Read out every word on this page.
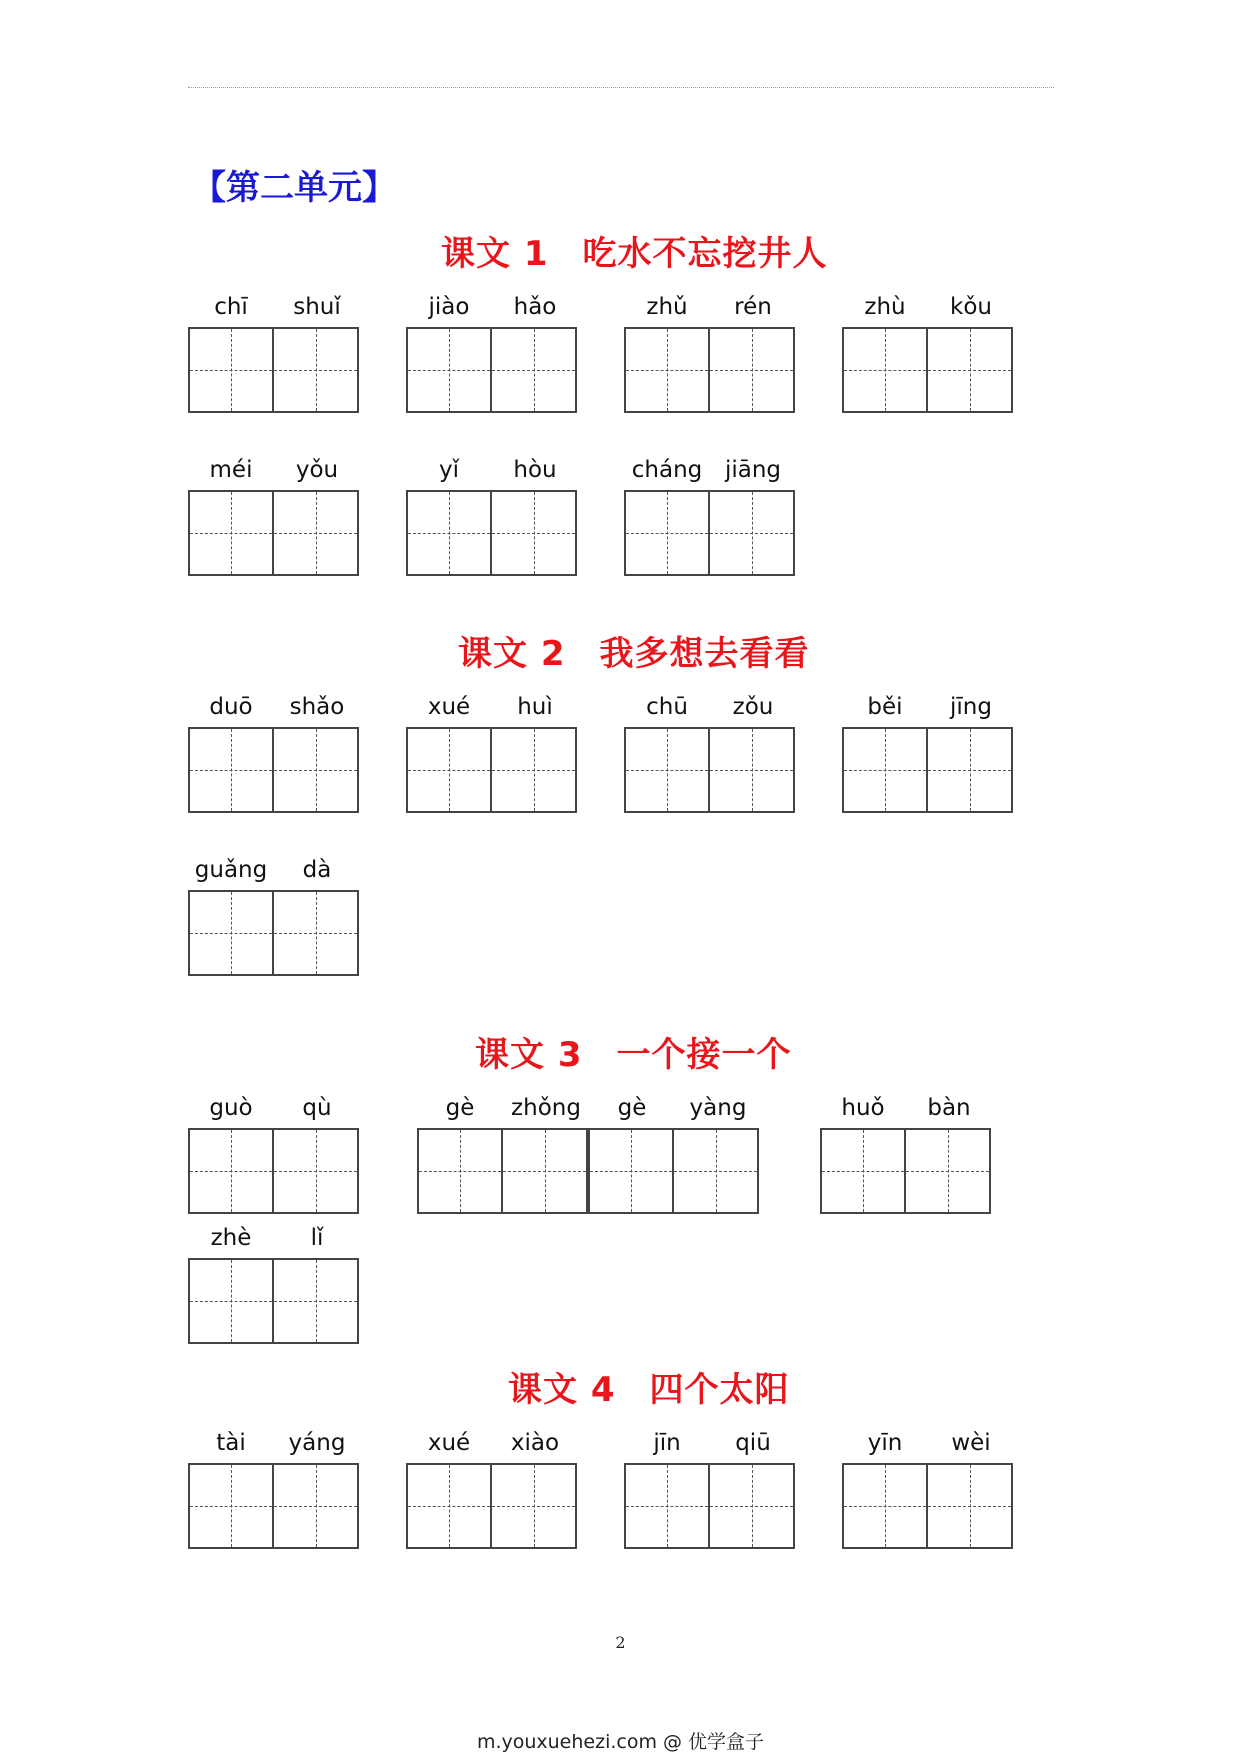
【第二单元】
课文 1 吃水不忘挖井人
chī	shuǐ	jiào	hǎo	zhǔ	rén	zhù	kǒu
méi	yǒu	yǐ	hòu	cháng jiāng
课文 2 我多想去看看
duō	shǎo	xué	huì	chū	zǒu	běi	jīng
guǎng	dà
课文 3 一个接一个
guò	qù	gè	zhǒng	gè	yàng	huǒ	bàn
zhè	lǐ
课文 4 四个太阳
tài	yáng	xué	xiào	jīn	qiū	yīn	wèi
2
m.youxuehezi.com @ 优学盒子
